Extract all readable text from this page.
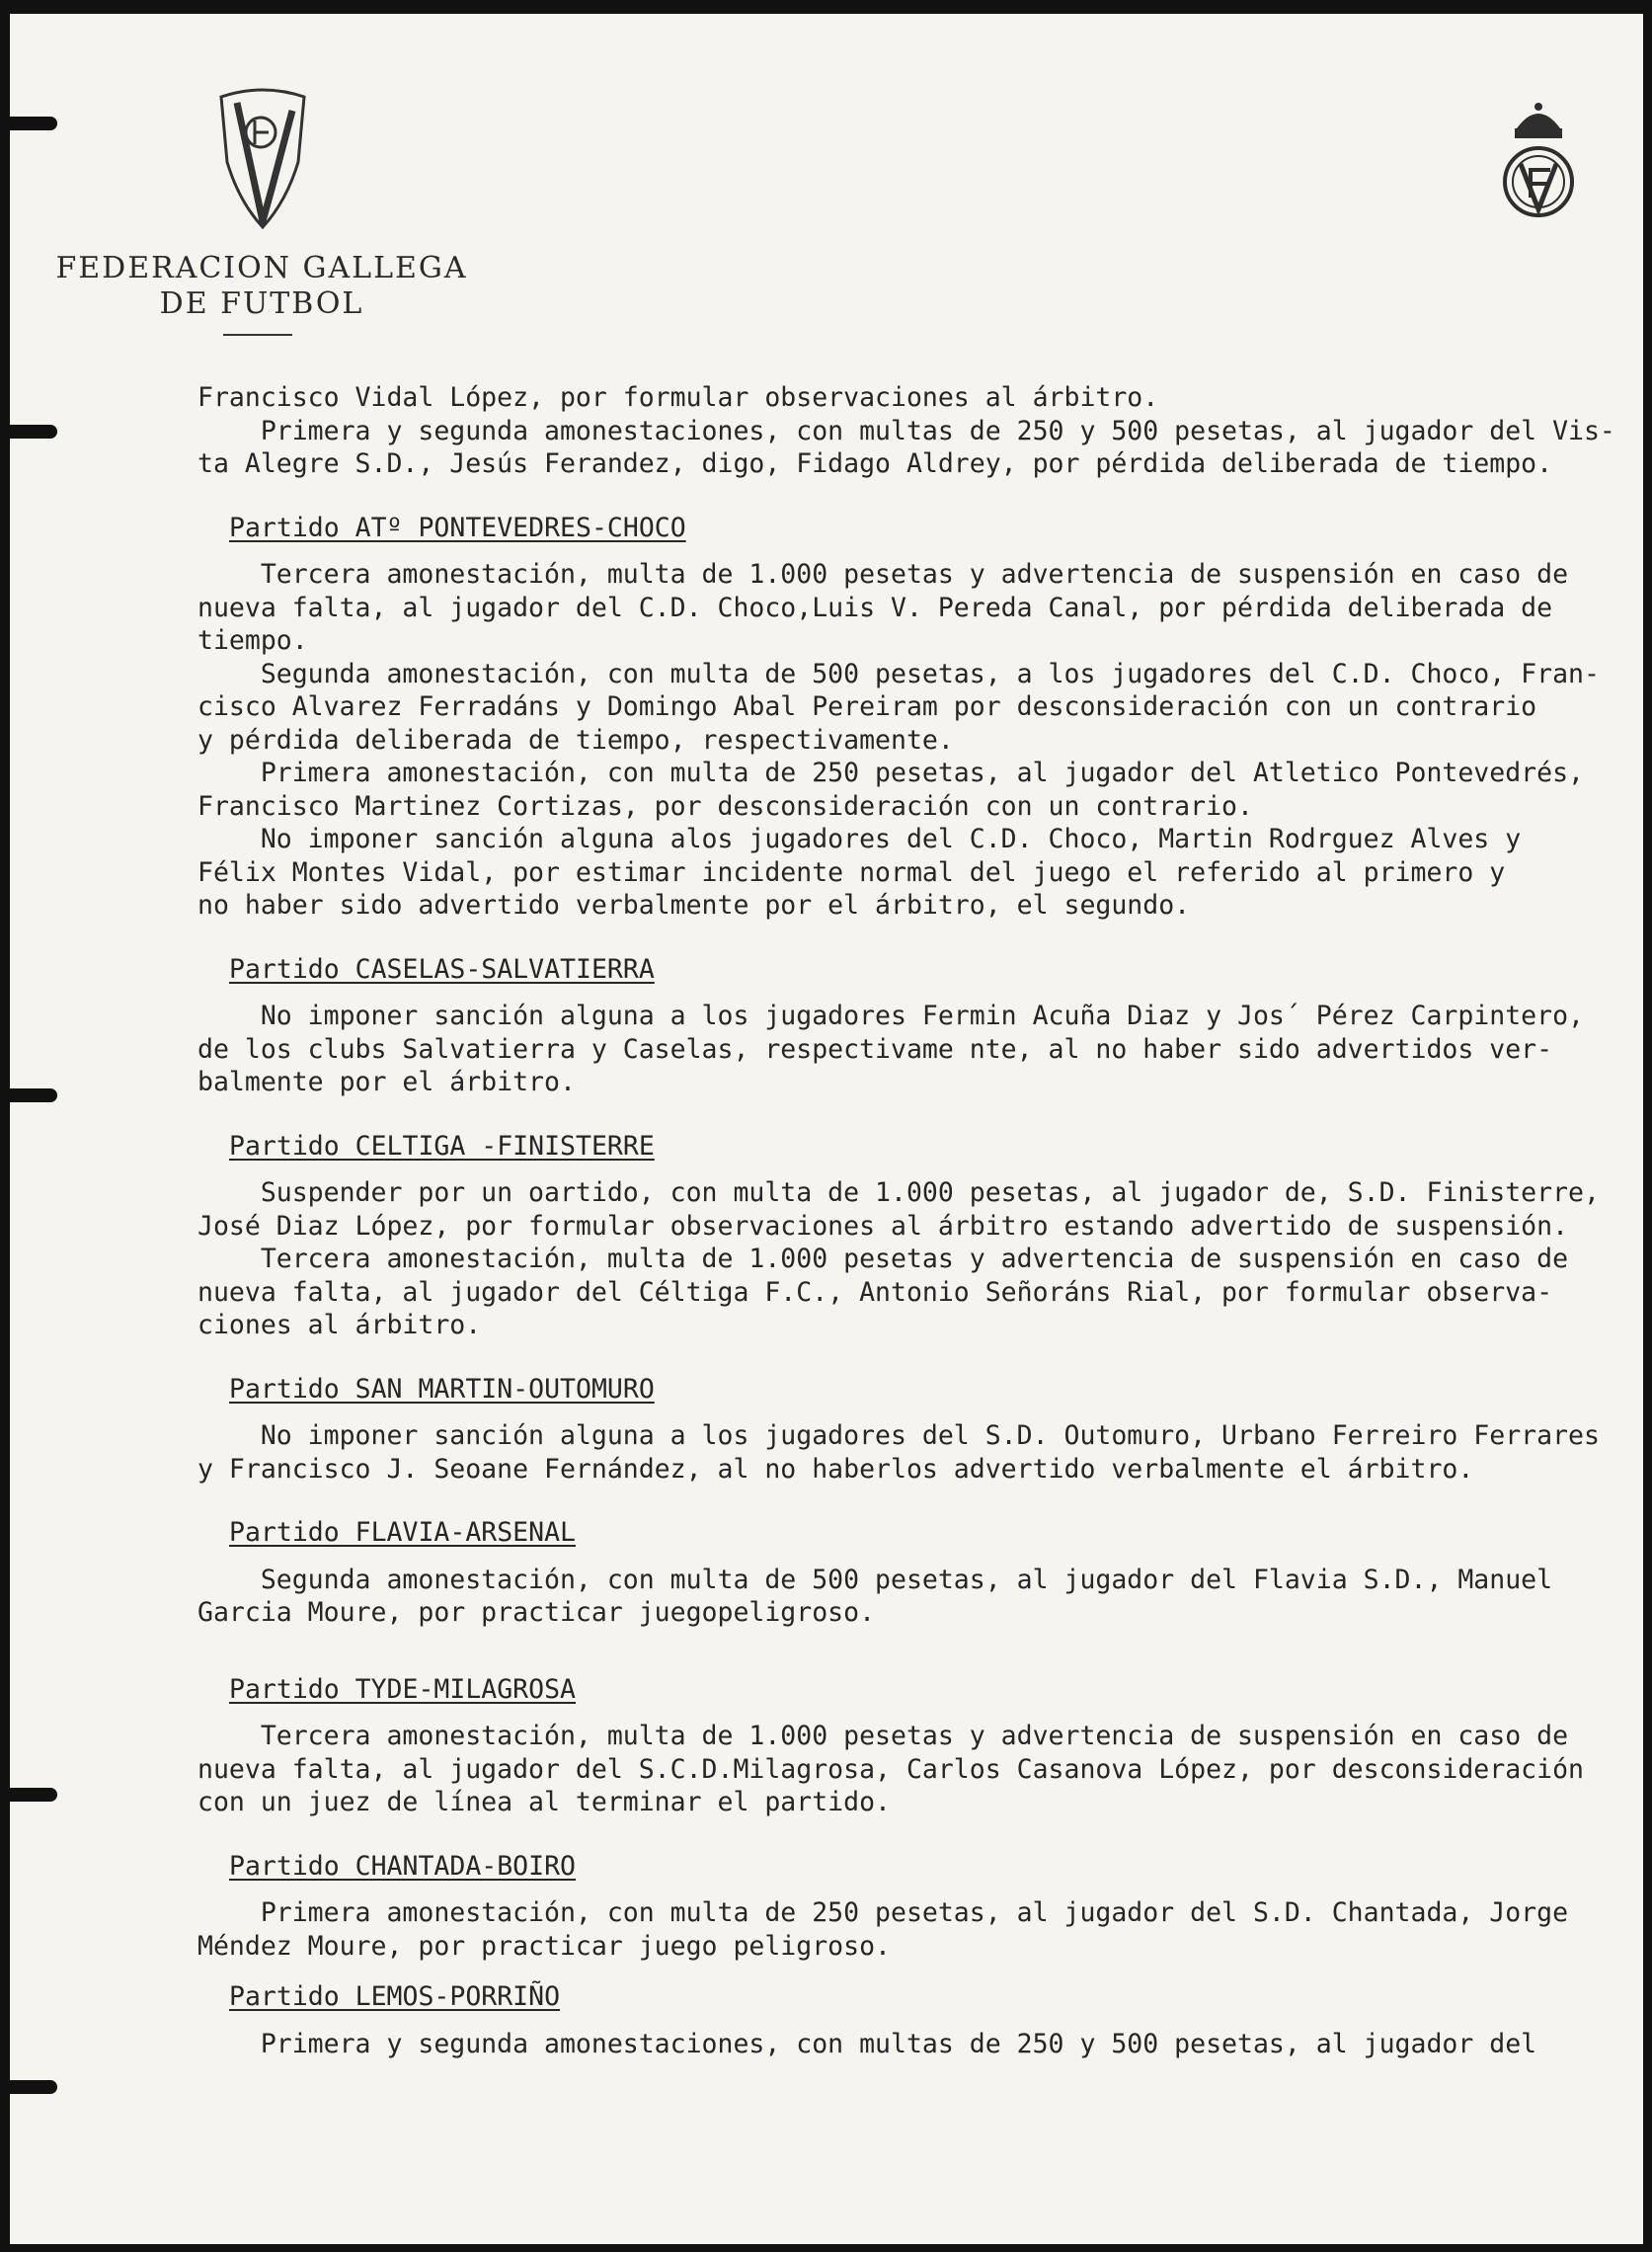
FEDERACION GALLEGA
DE FUTBOL

Francisco Vidal López, por formular observaciones al árbitro.

Primera y segunda amonestaciones, con multas de 250 y 500 pesetas, al jugador del Vis-

ta Alegre S.D., Jesús Ferandez, digo, Fidago Aldrey, por pérdida deliberada de tiempo.

Partido ATº PONTEVEDRES-CHOCO

Tercera amonestación, multa de 1.000 pesetas y advertencia de suspensión en caso de

nueva falta, al jugador del C.D. Choco,Luis V. Pereda Canal, por pérdida deliberada de

tiempo.

Segunda amonestación, con multa de 500 pesetas, a los jugadores del C.D. Choco, Fran-

cisco Alvarez Ferradáns y Domingo Abal Pereiram por desconsideración con un contrario

y pérdida deliberada de tiempo, respectivamente.

Primera amonestación, con multa de 250 pesetas, al jugador del Atletico Pontevedrés,

Francisco Martinez Cortizas, por desconsideración con un contrario.

No imponer sanción alguna alos jugadores del C.D. Choco, Martin Rodrguez Alves y

Félix Montes Vidal, por estimar incidente normal del juego el referido al primero y

no haber sido advertido verbalmente por el árbitro, el segundo.

Partido CASELAS-SALVATIERRA

No imponer sanción alguna a los jugadores Fermin Acuña Diaz y Jos´ Pérez Carpintero,

de los clubs Salvatierra y Caselas, respectivame nte, al no haber sido advertidos ver-

balmente por el árbitro.

Partido CELTIGA -FINISTERRE

Suspender por un oartido, con multa de 1.000 pesetas, al jugador de, S.D. Finisterre,

José Diaz López, por formular observaciones al árbitro estando advertido de suspensión.

Tercera amonestación, multa de 1.000 pesetas y advertencia de suspensión en caso de

nueva falta, al jugador del Céltiga F.C., Antonio Señoráns Rial, por formular observa-

ciones al árbitro.

Partido SAN MARTIN-OUTOMURO

No imponer sanción alguna a los jugadores del S.D. Outomuro, Urbano Ferreiro Ferrares

y Francisco J. Seoane Fernández, al no haberlos advertido verbalmente el árbitro.

Partido FLAVIA-ARSENAL

Segunda amonestación, con multa de 500 pesetas, al jugador del Flavia S.D., Manuel

Garcia Moure, por practicar juegopeligroso.

Partido TYDE-MILAGROSA

Tercera amonestación, multa de 1.000 pesetas y advertencia de suspensión en caso de

nueva falta, al jugador del S.C.D.Milagrosa, Carlos Casanova López, por desconsideración

con un juez de línea al terminar el partido.

Partido CHANTADA-BOIRO

Primera amonestación, con multa de 250 pesetas, al jugador del S.D. Chantada, Jorge

Méndez Moure, por practicar juego peligroso.

Partido LEMOS-PORRIÑO

Primera y segunda amonestaciones, con multas de 250 y 500 pesetas, al jugador del
